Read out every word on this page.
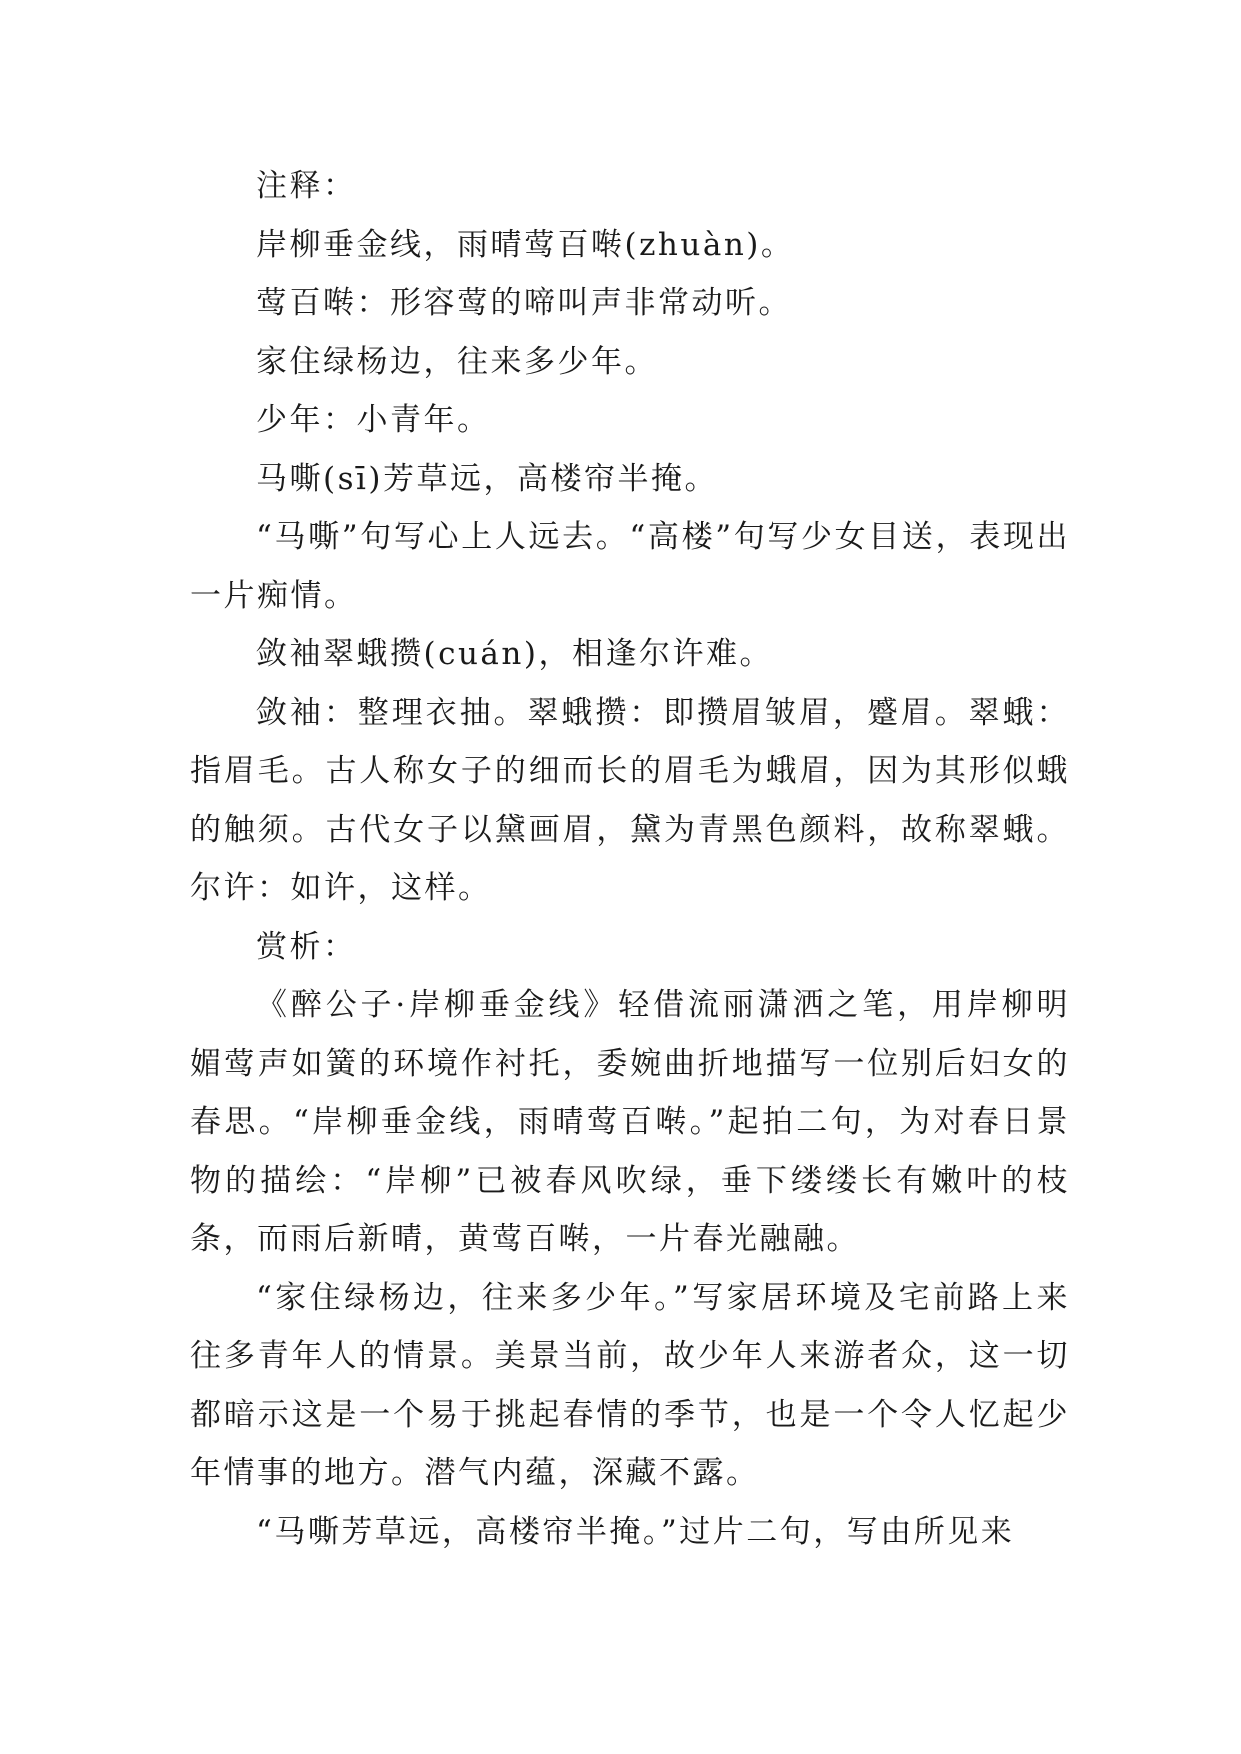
注释：

岸柳垂金线，雨晴莺百啭(zhuàn)。

莺百啭：形容莺的啼叫声非常动听。

家住绿杨边，往来多少年。

少年：小青年。

马嘶(sī)芳草远，高楼帘半掩。

“马嘶”句写心上人远去。“高楼”句写少女目送，表现出一片痴情。

敛袖翠蛾攒(cuán)，相逢尔许难。

敛袖：整理衣抽。翠蛾攒：即攒眉皱眉，蹙眉。翠蛾：指眉毛。古人称女子的细而长的眉毛为蛾眉，因为其形似蛾的触须。古代女子以黛画眉，黛为青黑色颜料，故称翠蛾。尔许：如许，这样。

赏析：

《醉公子·岸柳垂金线》轻借流丽潇洒之笔，用岸柳明媚莺声如簧的环境作衬托，委婉曲折地描写一位别后妇女的春思。“岸柳垂金线，雨晴莺百啭。”起拍二句，为对春日景物的描绘：“岸柳”已被春风吹绿，垂下缕缕长有嫩叶的枝条，而雨后新晴，黄莺百啭，一片春光融融。

“家住绿杨边，往来多少年。”写家居环境及宅前路上来往多青年人的情景。美景当前，故少年人来游者众，这一切都暗示这是一个易于挑起春情的季节，也是一个令人忆起少年情事的地方。潜气内蕴，深藏不露。

“马嘶芳草远，高楼帘半掩。”过片二句，写由所见来
